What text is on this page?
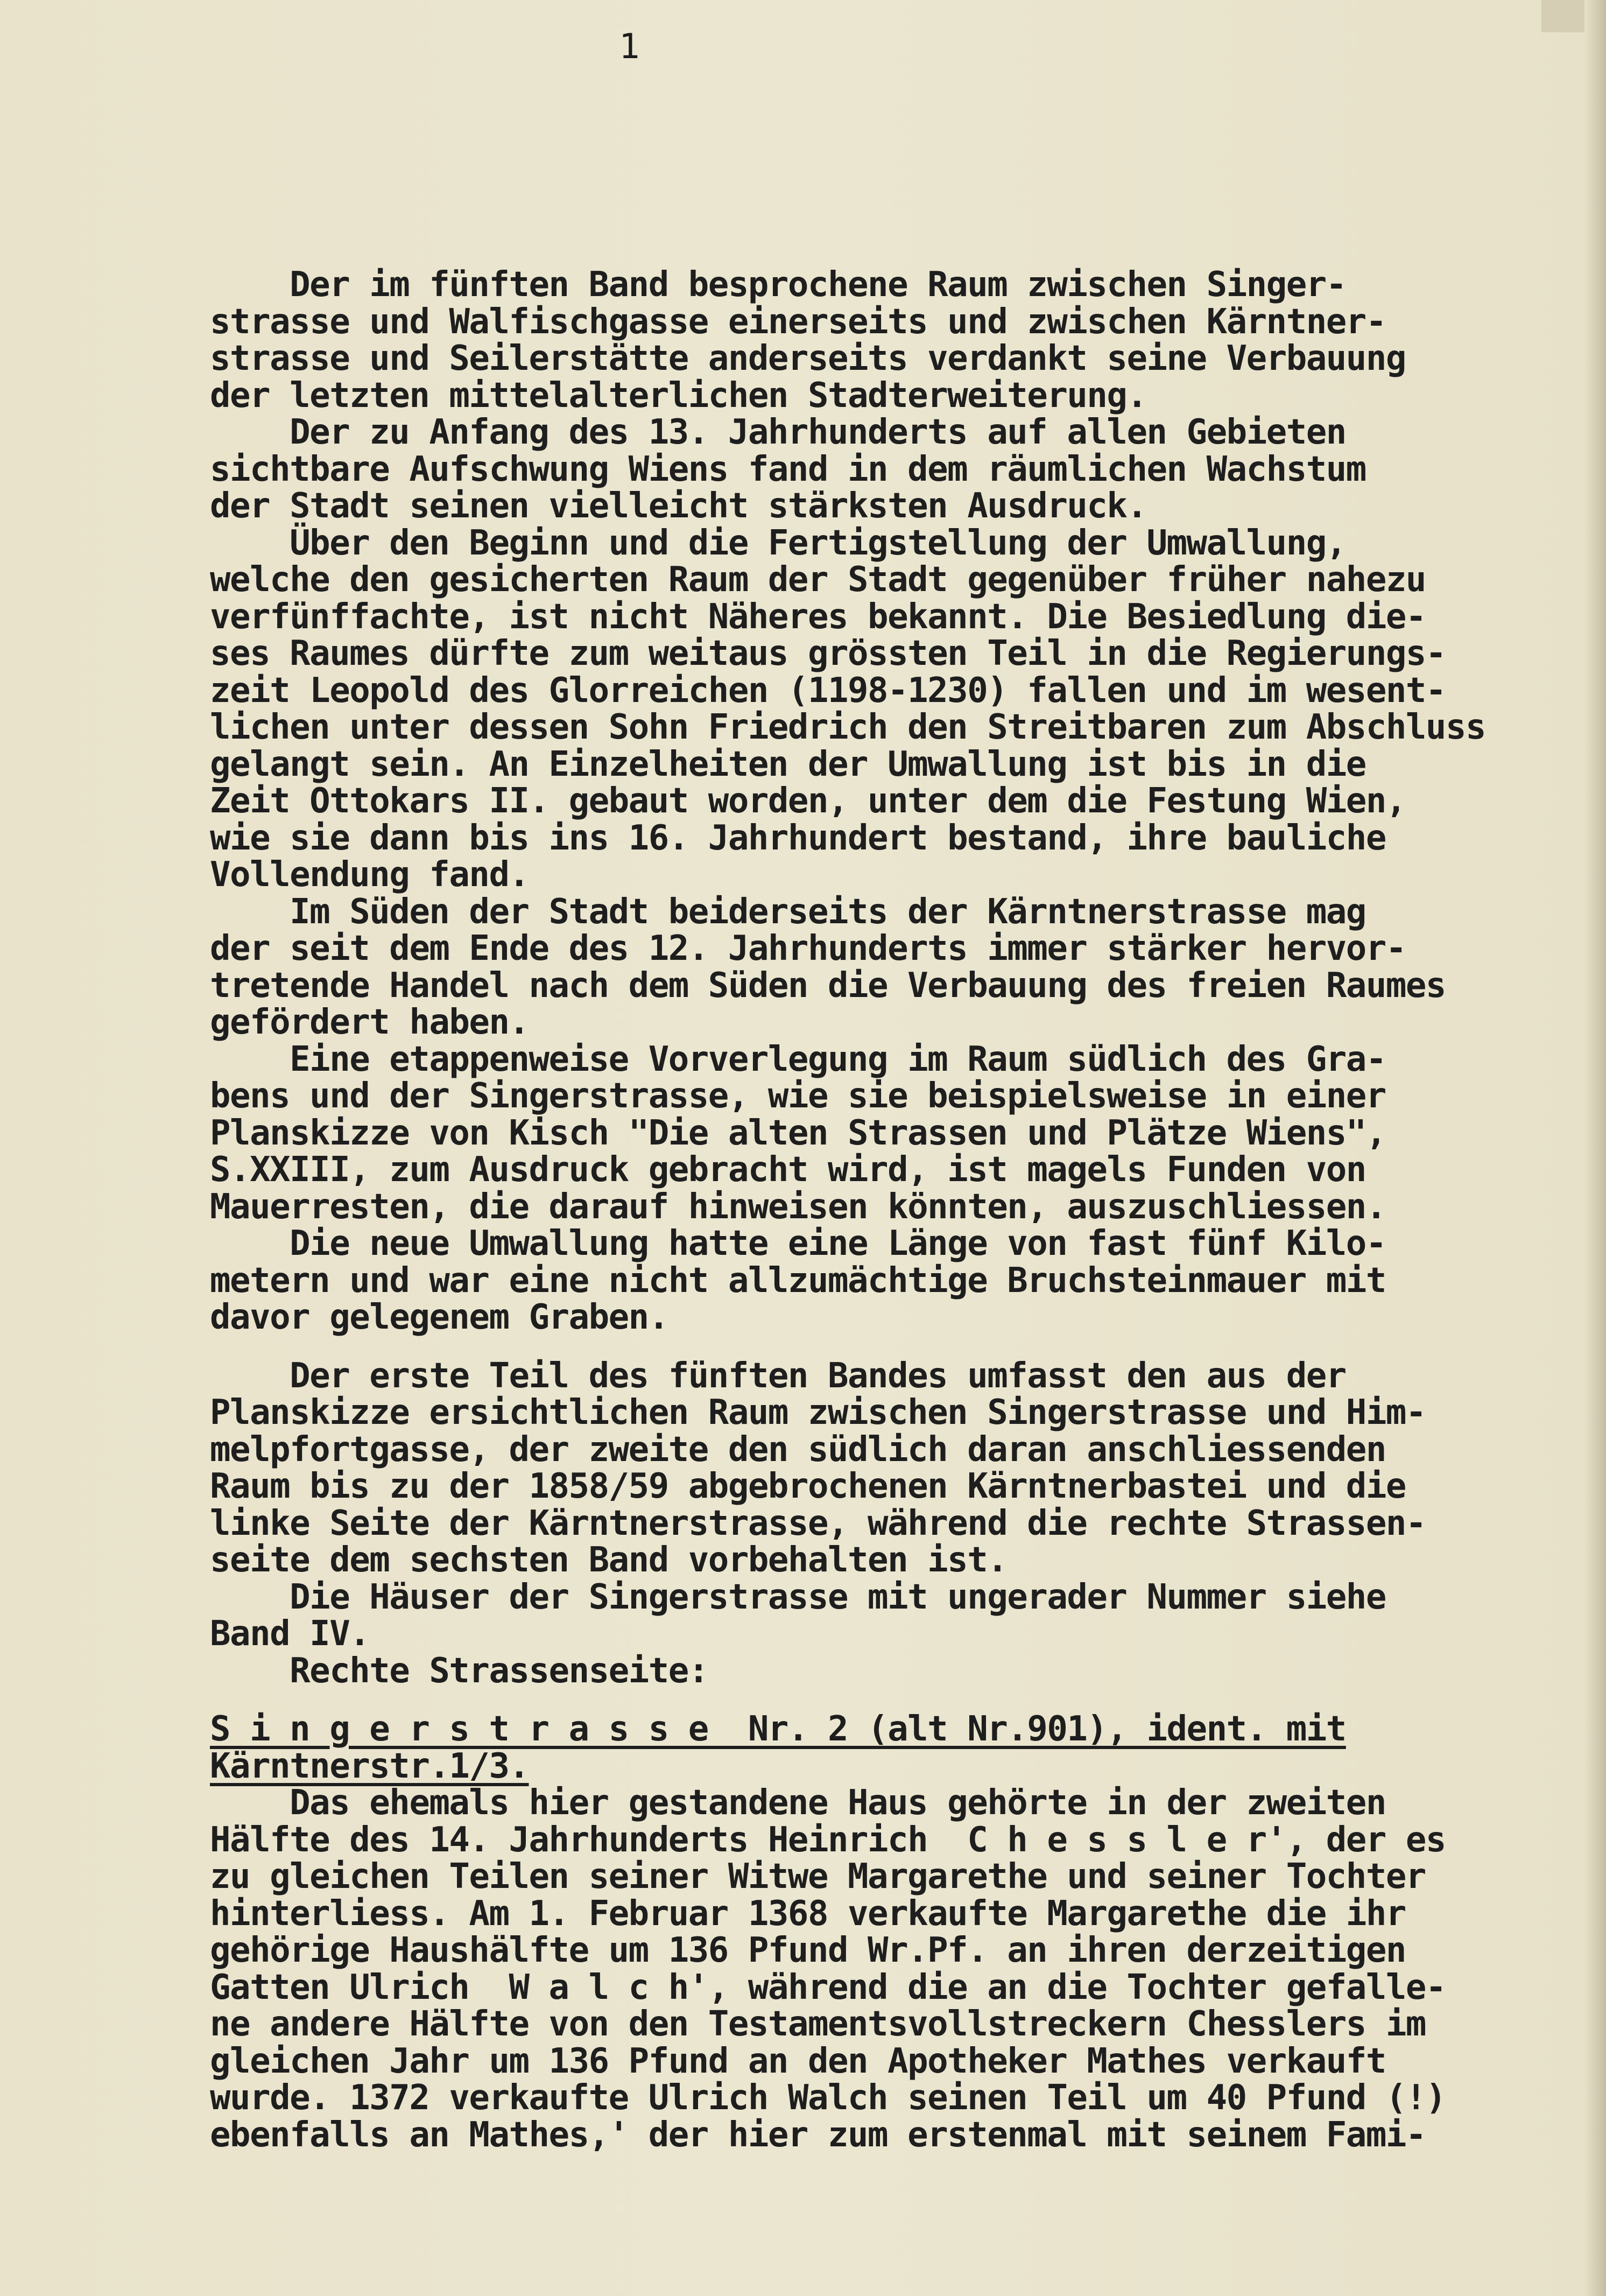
1
Der im fünften Band besprochene Raum zwischen Singer-
strasse und Walfischgasse einerseits und zwischen Kärntner-
strasse und Seilerstätte anderseits verdankt seine Verbauung
der letzten mittelalterlichen Stadterweiterung.
Der zu Anfang des 13. Jahrhunderts auf allen Gebieten
sichtbare Aufschwung Wiens fand in dem räumlichen Wachstum
der Stadt seinen vielleicht stärksten Ausdruck.
Über den Beginn und die Fertigstellung der Umwallung,
welche den gesicherten Raum der Stadt gegenüber früher nahezu
verfünffachte, ist nicht Näheres bekannt. Die Besiedlung die-
ses Raumes dürfte zum weitaus grössten Teil in die Regierungs-
zeit Leopold des Glorreichen (1198-1230) fallen und im wesent-
lichen unter dessen Sohn Friedrich den Streitbaren zum Abschluss
gelangt sein. An Einzelheiten der Umwallung ist bis in die
Zeit Ottokars II. gebaut worden, unter dem die Festung Wien,
wie sie dann bis ins 16. Jahrhundert bestand, ihre bauliche
Vollendung fand.
Im Süden der Stadt beiderseits der Kärntnerstrasse mag
der seit dem Ende des 12. Jahrhunderts immer stärker hervor-
tretende Handel nach dem Süden die Verbauung des freien Raumes
gefördert haben.
Eine etappenweise Vorverlegung im Raum südlich des Gra-
bens und der Singerstrasse, wie sie beispielsweise in einer
Planskizze von Kisch "Die alten Strassen und Plätze Wiens",
S.XXIII, zum Ausdruck gebracht wird, ist magels Funden von
Mauerresten, die darauf hinweisen könnten, auszuschliessen.
Die neue Umwallung hatte eine Länge von fast fünf Kilo-
metern und war eine nicht allzumächtige Bruchsteinmauer mit
davor gelegenem Graben.
Der erste Teil des fünften Bandes umfasst den aus der
Planskizze ersichtlichen Raum zwischen Singerstrasse und Him-
melpfortgasse, der zweite den südlich daran anschliessenden
Raum bis zu der 1858/59 abgebrochenen Kärntnerbastei und die
linke Seite der Kärntnerstrasse, während die rechte Strassen-
seite dem sechsten Band vorbehalten ist.
Die Häuser der Singerstrasse mit ungerader Nummer siehe
Band IV.
Rechte Strassenseite:
S i n g e r s t r a s s e  Nr. 2 (alt Nr.901), ident. mit
Kärntnerstr.1/3.
Das ehemals hier gestandene Haus gehörte in der zweiten
Hälfte des 14. Jahrhunderts Heinrich  C h e s s l e r', der es
zu gleichen Teilen seiner Witwe Margarethe und seiner Tochter
hinterliess. Am 1. Februar 1368 verkaufte Margarethe die ihr
gehörige Haushälfte um 136 Pfund Wr.Pf. an ihren derzeitigen
Gatten Ulrich  W a l c h', während die an die Tochter gefalle-
ne andere Hälfte von den Testamentsvollstreckern Chesslers im
gleichen Jahr um 136 Pfund an den Apotheker Mathes verkauft
wurde. 1372 verkaufte Ulrich Walch seinen Teil um 40 Pfund (!)
ebenfalls an Mathes,' der hier zum erstenmal mit seinem Fami-
